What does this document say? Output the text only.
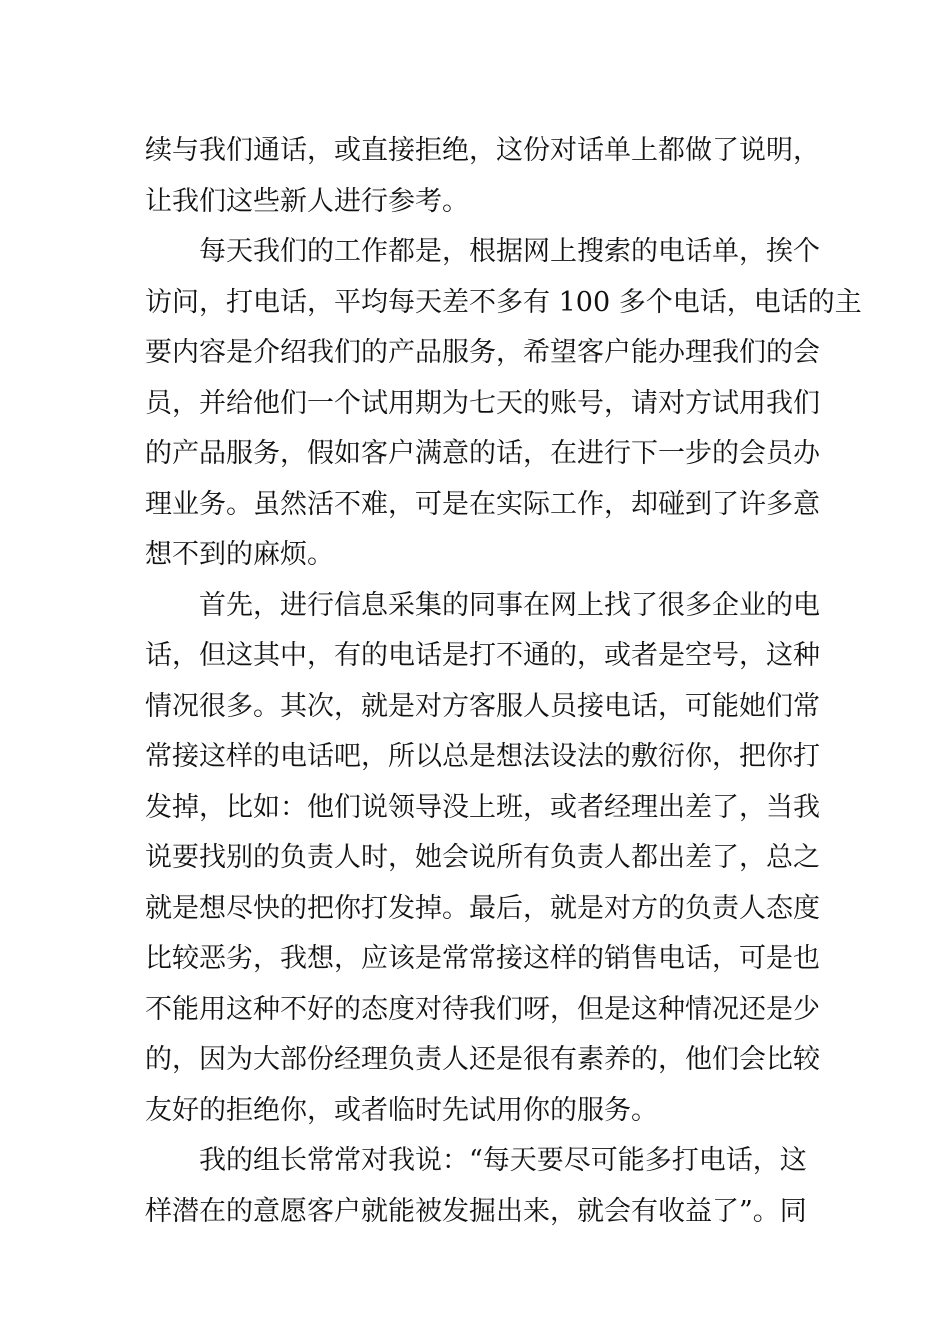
续与我们通话，或直接拒绝，这份对话单上都做了说明，
让我们这些新人进行参考。
　　每天我们的工作都是，根据网上搜索的电话单，挨个
访问，打电话，平均每天差不多有 100 多个电话，电话的主
要内容是介绍我们的产品服务，希望客户能办理我们的会
员，并给他们一个试用期为七天的账号，请对方试用我们
的产品服务，假如客户满意的话，在进行下一步的会员办
理业务。虽然活不难，可是在实际工作，却碰到了许多意
想不到的麻烦。
　　首先，进行信息采集的同事在网上找了很多企业的电
话，但这其中，有的电话是打不通的，或者是空号，这种
情况很多。其次，就是对方客服人员接电话，可能她们常
常接这样的电话吧，所以总是想法设法的敷衍你，把你打
发掉，比如：他们说领导没上班，或者经理出差了，当我
说要找别的负责人时，她会说所有负责人都出差了，总之
就是想尽快的把你打发掉。最后，就是对方的负责人态度
比较恶劣，我想，应该是常常接这样的销售电话，可是也
不能用这种不好的态度对待我们呀，但是这种情况还是少
的，因为大部份经理负责人还是很有素养的，他们会比较
友好的拒绝你，或者临时先试用你的服务。
　　我的组长常常对我说：“每天要尽可能多打电话，这
样潜在的意愿客户就能被发掘出来，就会有收益了”。同
